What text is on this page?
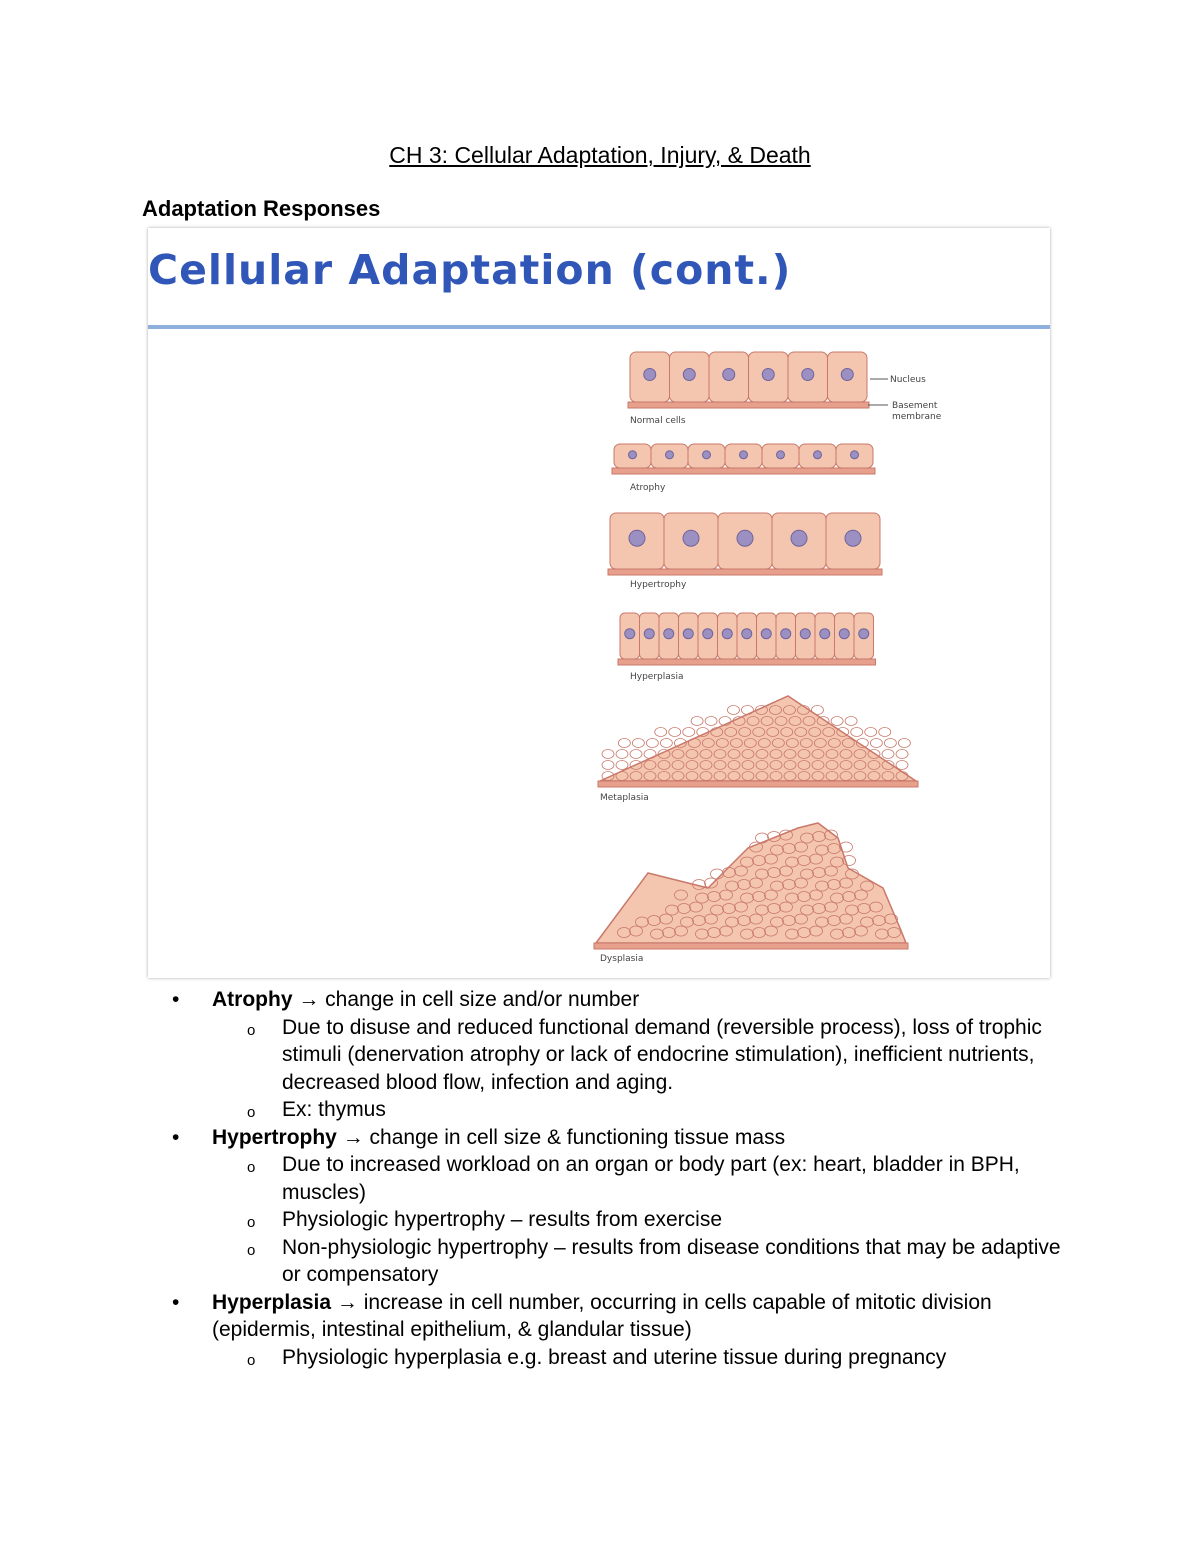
CH 3: Cellular Adaptation, Injury, & Death
Adaptation Responses
Cellular Adaptation (cont.)
Nucleus
Basement
membrane
Normal cells
Atrophy
Hypertrophy
Hyperplasia
Metaplasia
Dysplasia
• Atrophy → change in cell size and/or number
o Due to disuse and reduced functional demand (reversible process), loss of trophic stimuli (denervation atrophy or lack of endocrine stimulation), inefficient nutrients, decreased blood flow, infection and aging.
o Ex: thymus
• Hypertrophy → change in cell size & functioning tissue mass
o Due to increased workload on an organ or body part (ex: heart, bladder in BPH, muscles)
o Physiologic hypertrophy – results from exercise
o Non-physiologic hypertrophy – results from disease conditions that may be adaptive or compensatory
• Hyperplasia → increase in cell number, occurring in cells capable of mitotic division (epidermis, intestinal epithelium, & glandular tissue)
o Physiologic hyperplasia e.g. breast and uterine tissue during pregnancy
